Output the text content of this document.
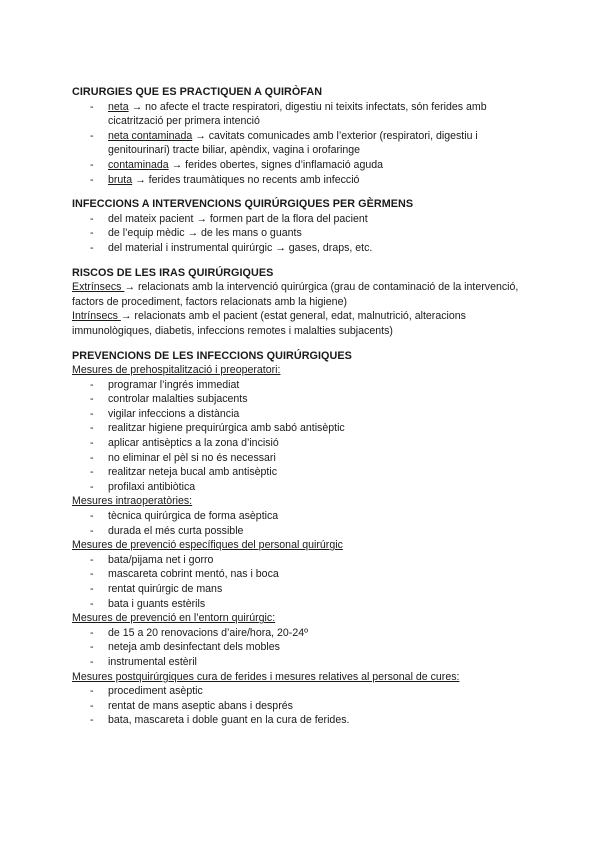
CIRURGIES QUE ES PRACTIQUEN A QUIRÒFAN

- neta → no afecte el tracte respiratori, digestiu ni teixits infectats, són ferides amb cicatrització per primera intenció
- neta contaminada → cavitats comunicades amb l’exterior (respiratori, digestiu i genitourinari) tracte biliar, apèndix, vagina i orofaringe
- contaminada → ferides obertes, signes d’inflamació aguda
- bruta → ferides traumàtiques no recents amb infecció

INFECCIONS A INTERVENCIONS QUIRÚRGIQUES PER GÈRMENS

- del mateix pacient → formen part de la flora del pacient
- de l’equip mèdic → de les mans o guants
- del material i instrumental quirúrgic → gases, draps, etc.

RISCOS DE LES IRAS QUIRÚRGIQUES

Extrínsecs → relacionats amb la intervenció quirúrgica (grau de contaminació de la intervenció, factors de procediment, factors relacionats amb la higiene)

Intrínsecs → relacionats amb el pacient (estat general, edat, malnutrició, alteracions immunològiques, diabetis, infeccions remotes i malalties subjacents)

PREVENCIONS DE LES INFECCIONS QUIRÚRGIQUES

Mesures de prehospitalització i preoperatori:

- programar l’ingrés immediat
- controlar malalties subjacents
- vigilar infeccions a distància
- realitzar higiene prequirúrgica amb sabó antisèptic
- aplicar antisèptics a la zona d’incisió
- no eliminar el pèl si no és necessari
- realitzar neteja bucal amb antisèptic
- profilaxi antibiòtica

Mesures intraoperatòries:

- tècnica quirúrgica de forma asèptica
- durada el més curta possible

Mesures de prevenció específiques del personal quirúrgic

- bata/pijama net i gorro
- mascareta cobrint mentó, nas i boca
- rentat quirúrgic de mans
- bata i guants estèrils

Mesures de prevenció en l’entorn quirúrgic:

- de 15 a 20 renovacions d’aire/hora, 20-24º
- neteja amb desinfectant dels mobles
- instrumental estèril

Mesures postquirúrgiques cura de ferides i mesures relatives al personal de cures:

- procediment asèptic
- rentat de mans aseptic abans i després
- bata, mascareta i doble guant en la cura de ferides.
